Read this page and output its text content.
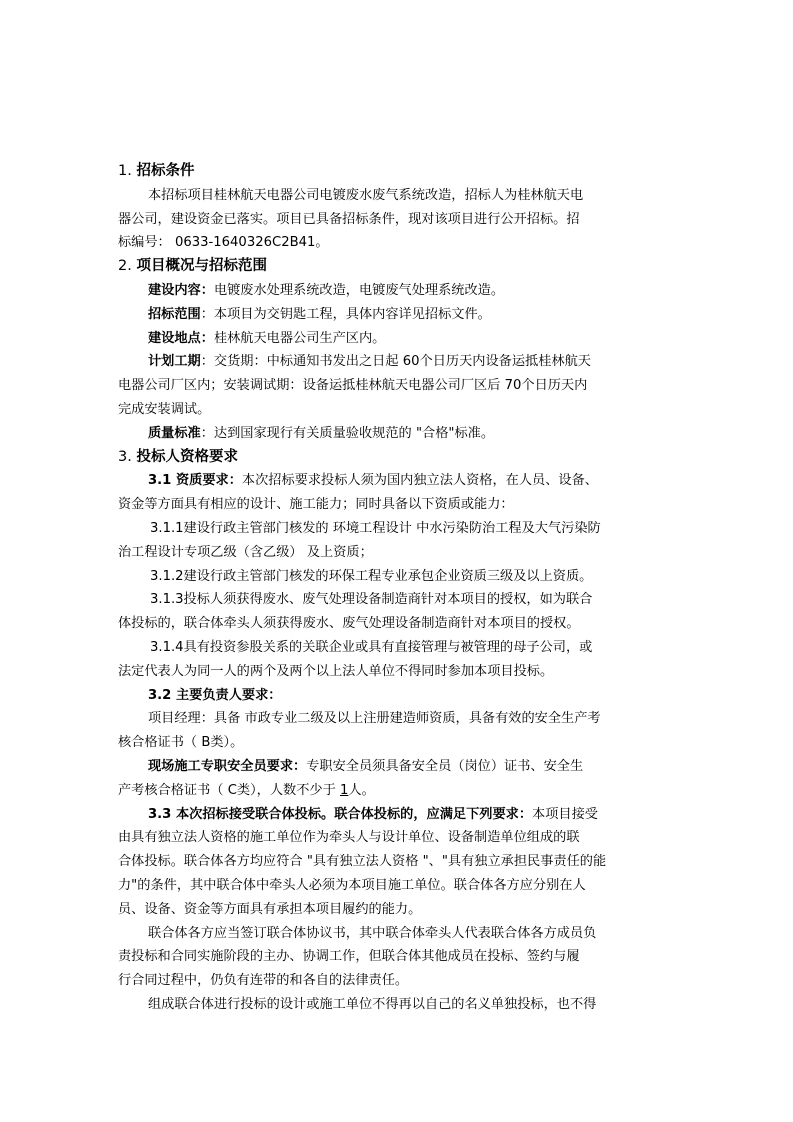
1. 招标条件
本招标项目桂林航天电器公司电镀废水废气系统改造，招标人为桂林航天电
器公司，建设资金已落实。项目已具备招标条件，现对该项目进行公开招标。招
标编号： 0633-1640326C2B41。
2. 项目概况与招标范围
建设内容：电镀废水处理系统改造，电镀废气处理系统改造。
招标范围：本项目为交钥匙工程，具体内容详见招标文件。
建设地点：桂林航天电器公司生产区内。
计划工期：交货期：中标通知书发出之日起 60个日历天内设备运抵桂林航天
电器公司厂区内；安装调试期：设备运抵桂林航天电器公司厂区后 70个日历天内
完成安装调试。
质量标准：达到国家现行有关质量验收规范的 "合格"标准。
3. 投标人资格要求
3.1 资质要求：本次招标要求投标人须为国内独立法人资格，在人员、设备、
资金等方面具有相应的设计、施工能力；同时具备以下资质或能力：
3.1.1建设行政主管部门核发的 环境工程设计 中水污染防治工程及大气污染防
治工程设计专项乙级（含乙级） 及上资质；
3.1.2建设行政主管部门核发的环保工程专业承包企业资质三级及以上资质。
3.1.3投标人须获得废水、废气处理设备制造商针对本项目的授权，如为联合
体投标的，联合体牵头人须获得废水、废气处理设备制造商针对本项目的授权。
3.1.4具有投资参股关系的关联企业或具有直接管理与被管理的母子公司，或
法定代表人为同一人的两个及两个以上法人单位不得同时参加本项目投标。
3.2 主要负责人要求：
项目经理：具备 市政专业二级及以上注册建造师资质，具备有效的安全生产考
核合格证书（ B类）。
现场施工专职安全员要求：专职安全员须具备安全员（岗位）证书、安全生
产考核合格证书（ C类），人数不少于 1人。
3.3 本次招标接受联合体投标。联合体投标的，应满足下列要求：本项目接受
由具有独立法人资格的施工单位作为牵头人与设计单位、设备制造单位组成的联
合体投标。联合体各方均应符合 "具有独立法人资格 "、"具有独立承担民事责任的能
力"的条件，其中联合体中牵头人必须为本项目施工单位。联合体各方应分别在人
员、设备、资金等方面具有承担本项目履约的能力。
联合体各方应当签订联合体协议书，其中联合体牵头人代表联合体各方成员负
责投标和合同实施阶段的主办、协调工作，但联合体其他成员在投标、签约与履
行合同过程中，仍负有连带的和各自的法律责任。
组成联合体进行投标的设计或施工单位不得再以自己的名义单独投标，也不得
